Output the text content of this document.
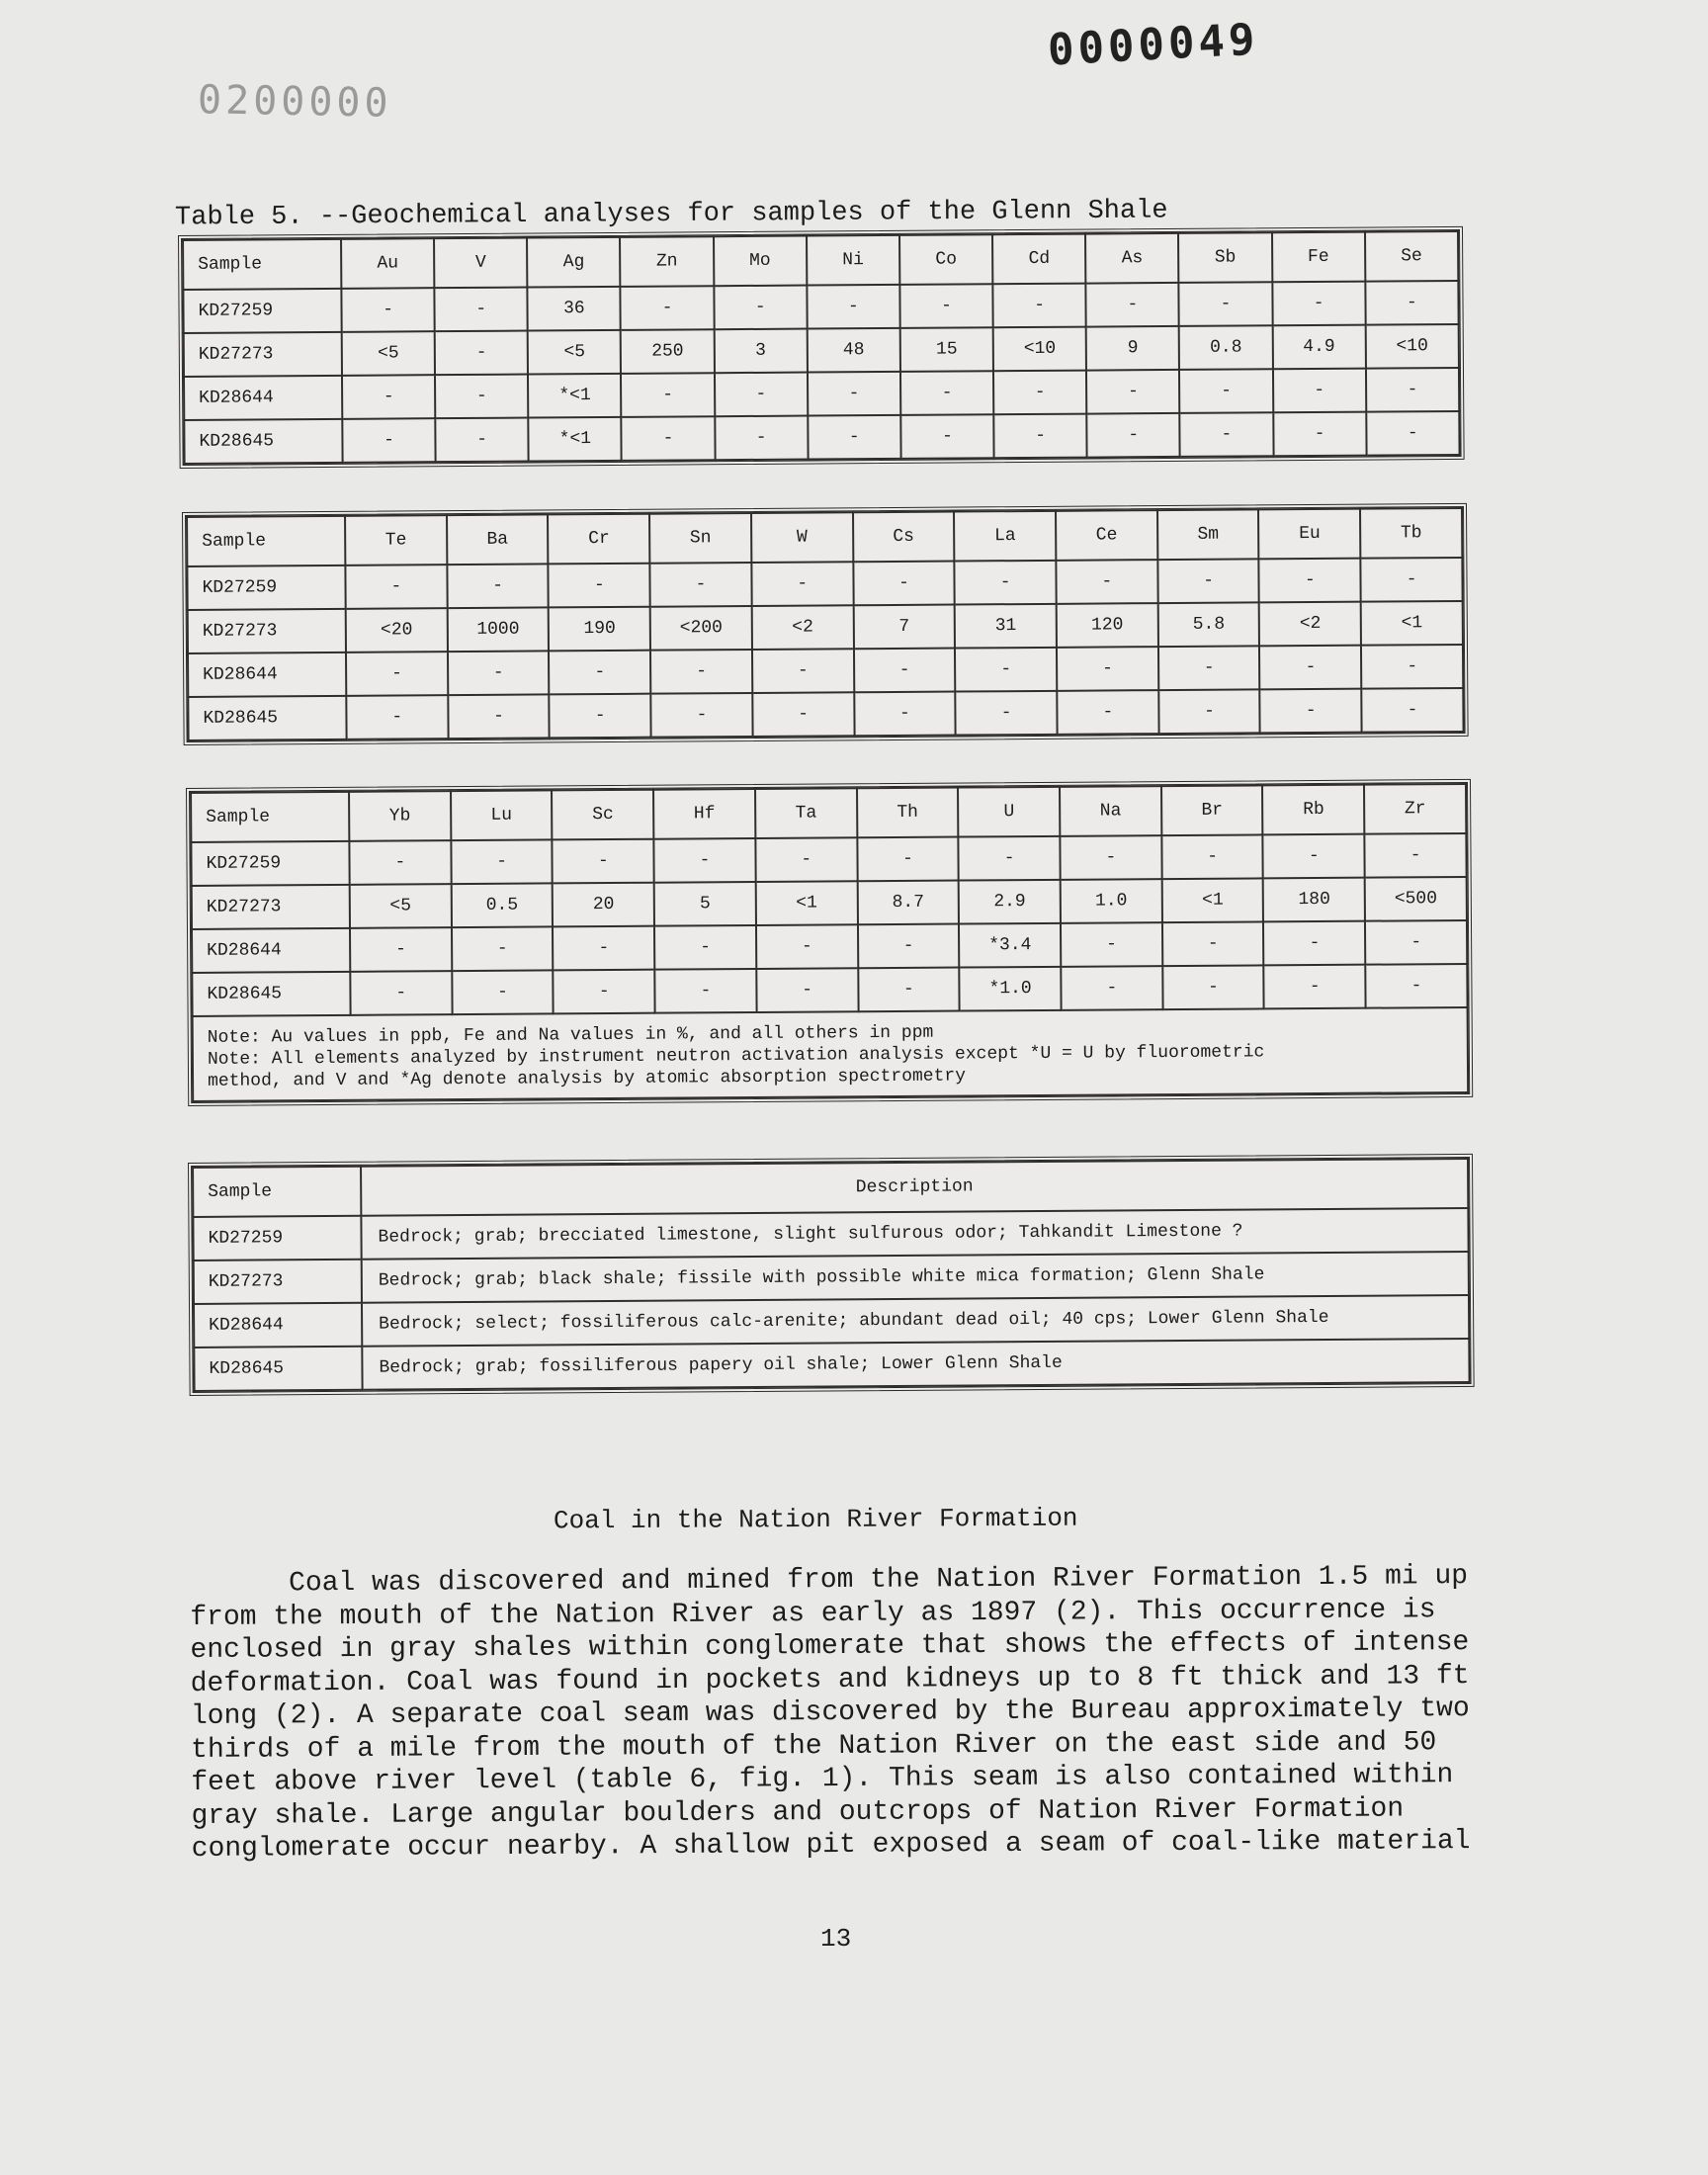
0000049
0200000
Table 5. --Geochemical analyses for samples of the Glenn Shale
Sample	Au	V	Ag	Zn	Mo	Ni	Co	Cd	As	Sb	Fe	Se
KD27259	-	-	36	-	-	-	-	-	-	-	-	-
KD27273	<5	-	<5	250	3	48	15	<10	9	0.8	4.9	<10
KD28644	-	-	*<1	-	-	-	-	-	-	-	-	-
KD28645	-	-	*<1	-	-	-	-	-	-	-	-	-
Sample	Te	Ba	Cr	Sn	W	Cs	La	Ce	Sm	Eu	Tb
KD27259	-	-	-	-	-	-	-	-	-	-	-
KD27273	<20	1000	190	<200	<2	7	31	120	5.8	<2	<1
KD28644	-	-	-	-	-	-	-	-	-	-	-
KD28645	-	-	-	-	-	-	-	-	-	-	-
Sample	Yb	Lu	Sc	Hf	Ta	Th	U	Na	Br	Rb	Zr
KD27259	-	-	-	-	-	-	-	-	-	-	-
KD27273	<5	0.5	20	5	<1	8.7	2.9	1.0	<1	180	<500
KD28644	-	-	-	-	-	-	*3.4	-	-	-	-
KD28645	-	-	-	-	-	-	*1.0	-	-	-	-
Note: Au values in ppb, Fe and Na values in %, and all others in ppm
Note: All elements analyzed by instrument neutron activation analysis except *U = U by fluorometric
method, and V and *Ag denote analysis by atomic absorption spectrometry
Sample	Description
KD27259	Bedrock; grab; brecciated limestone, slight sulfurous odor; Tahkandit Limestone ?
KD27273	Bedrock; grab; black shale; fissile with possible white mica formation; Glenn Shale
KD28644	Bedrock; select; fossiliferous calc-arenite; abundant dead oil; 40 cps; Lower Glenn Shale
KD28645	Bedrock; grab; fossiliferous papery oil shale; Lower Glenn Shale
Coal in the Nation River Formation

Coal was discovered and mined from the Nation River Formation 1.5 mi up
from the mouth of the Nation River as early as 1897 (2). This occurrence is
enclosed in gray shales within conglomerate that shows the effects of intense
deformation. Coal was found in pockets and kidneys up to 8 ft thick and 13 ft
long (2). A separate coal seam was discovered by the Bureau approximately two
thirds of a mile from the mouth of the Nation River on the east side and 50
feet above river level (table 6, fig. 1). This seam is also contained within
gray shale. Large angular boulders and outcrops of Nation River Formation
conglomerate occur nearby. A shallow pit exposed a seam of coal-like material

13
